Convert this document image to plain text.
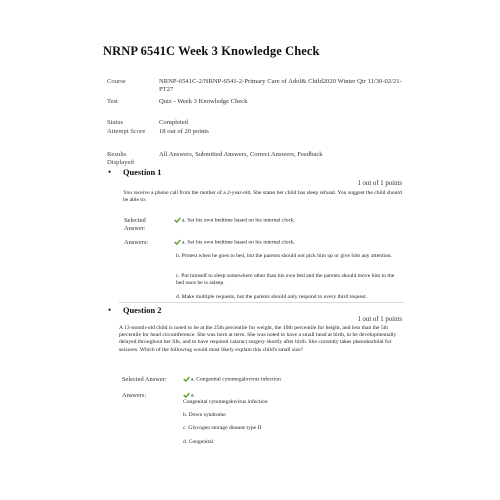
NRNP 6541C Week 3 Knowledge Check
Course	NRNP-6541C-2/NRNP-6541-2-Primary Care of Adol& Child2020 Winter Qtr 11/30-02/21-PT27
Test	Quiz - Week 3 Knowledge Check
Status	Completed
Attempt Score 18 out of 20 points
Results Displayed
All Answers, Submitted Answers, Correct Answers, Feedback
• Question 1
1 out of 1 points
You receive a phone call from the mother of a 2-year-old. She states her child has sleep refusal. You suggest the child should be able to:
Selected Answer:
a. Set his own bedtime based on his internal clock.
Answers:	a. Set his own bedtime based on his internal clock.
b. Protest when he goes to bed, but the parents should not pick him up or give him any attention.
c. Put himself to sleep somewhere other than his own bed and the parents should move him to the bed once he is asleep.
d. Make multiple requests, but the parents should only respond to every third request.
• Question 2
1 out of 1 points
A 13-month-old child is noted to be at the 25th percentile for weight, the 10th percentile for height, and less than the 5th percentile for head circumference. She was born at term. She was noted to have a small head at birth, to be developmentally delayed throughout her life, and to have required cataract surgery shortly after birth. She currently takes phenobarbital for seizures. Which of the following would most likely explain this child's small size?
Selected Answer:	a. Congenital cytomegalovirus infection
Answers:	a.
Congenital cytomegalovirus infection
b. Down syndrome
c. Glycogen storage disease type II
d. Congenital
